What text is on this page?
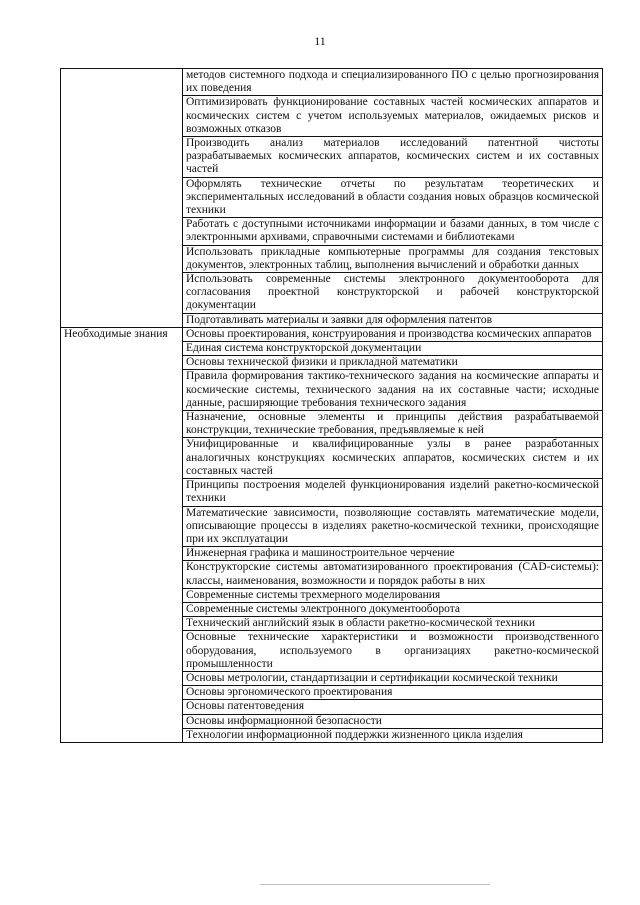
11
	методов системного подхода и специализированного ПО с целью прогнозирования их поведения
	Оптимизировать функционирование составных частей космических аппаратов и космических систем с учетом используемых материалов, ожидаемых рисков и возможных отказов
	Производить анализ материалов исследований патентной чистоты разрабатываемых космических аппаратов, космических систем и их составных частей
	Оформлять технические отчеты по результатам теоретических и экспериментальных исследований в области создания новых образцов космической техники
	Работать с доступными источниками информации и базами данных, в том числе с электронными архивами, справочными системами и библиотеками
	Использовать прикладные компьютерные программы для создания текстовых документов, электронных таблиц, выполнения вычислений и обработки данных
	Использовать современные системы электронного документооборота для согласования проектной конструкторской и рабочей конструкторской документации
	Подготавливать материалы и заявки для оформления патентов
Необходимые знания	Основы проектирования, конструирования и производства космических аппаратов
	Единая система конструкторской документации
	Основы технической физики и прикладной математики
	Правила формирования тактико-технического задания на космические аппараты и космические системы, технического задания на их составные части; исходные данные, расширяющие требования технического задания
	Назначение, основные элементы и принципы действия разрабатываемой конструкции, технические требования, предъявляемые к ней
	Унифицированные и квалифицированные узлы в ранее разработанных аналогичных конструкциях космических аппаратов, космических систем и их составных частей
	Принципы построения моделей функционирования изделий ракетно-космической техники
	Математические зависимости, позволяющие составлять математические модели, описывающие процессы в изделиях ракетно-космической техники, происходящие при их эксплуатации
	Инженерная графика и машиностроительное черчение
	Конструкторские системы автоматизированного проектирования (CAD-системы): классы, наименования, возможности и порядок работы в них
	Современные системы трехмерного моделирования
	Современные системы электронного документооборота
	Технический английский язык в области ракетно-космической техники
	Основные технические характеристики и возможности производственного оборудования, используемого в организациях ракетно-космической промышленности
	Основы метрологии, стандартизации и сертификации космической техники
	Основы эргономического проектирования
	Основы патентоведения
	Основы информационной безопасности
	Технологии информационной поддержки жизненного цикла изделия
